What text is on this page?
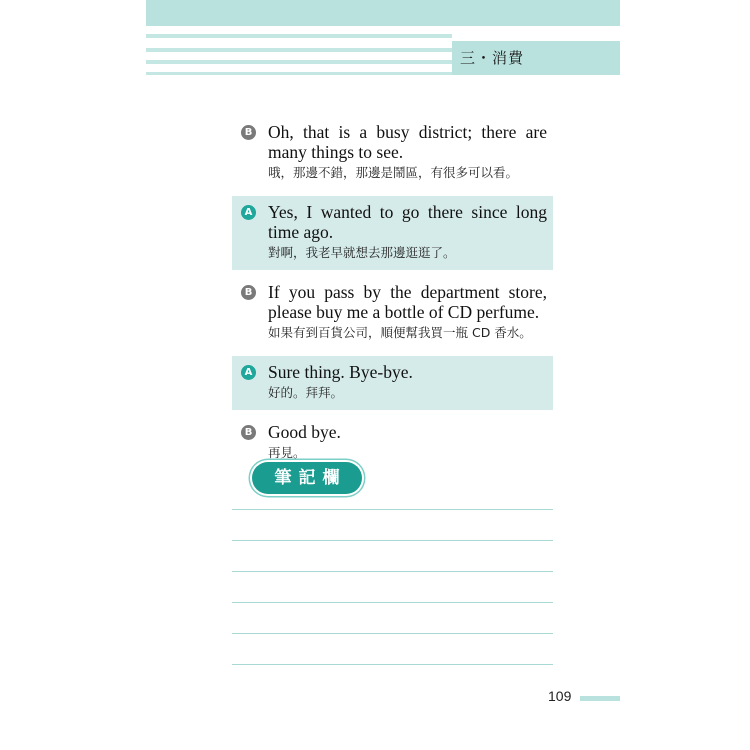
三・消費
B Oh, that is a busy district; there are many things to see.
哦，那邊不錯，那邊是鬧區，有很多可以看。
A Yes, I wanted to go there since long time ago.
對啊，我老早就想去那邊逛逛了。
B If you pass by the department store, please buy me a bottle of CD perfume.
如果有到百貨公司，順便幫我買一瓶 CD 香水。
A Sure thing. Bye-bye.
好的。拜拜。
B Good bye.
再見。
筆記欄
109
